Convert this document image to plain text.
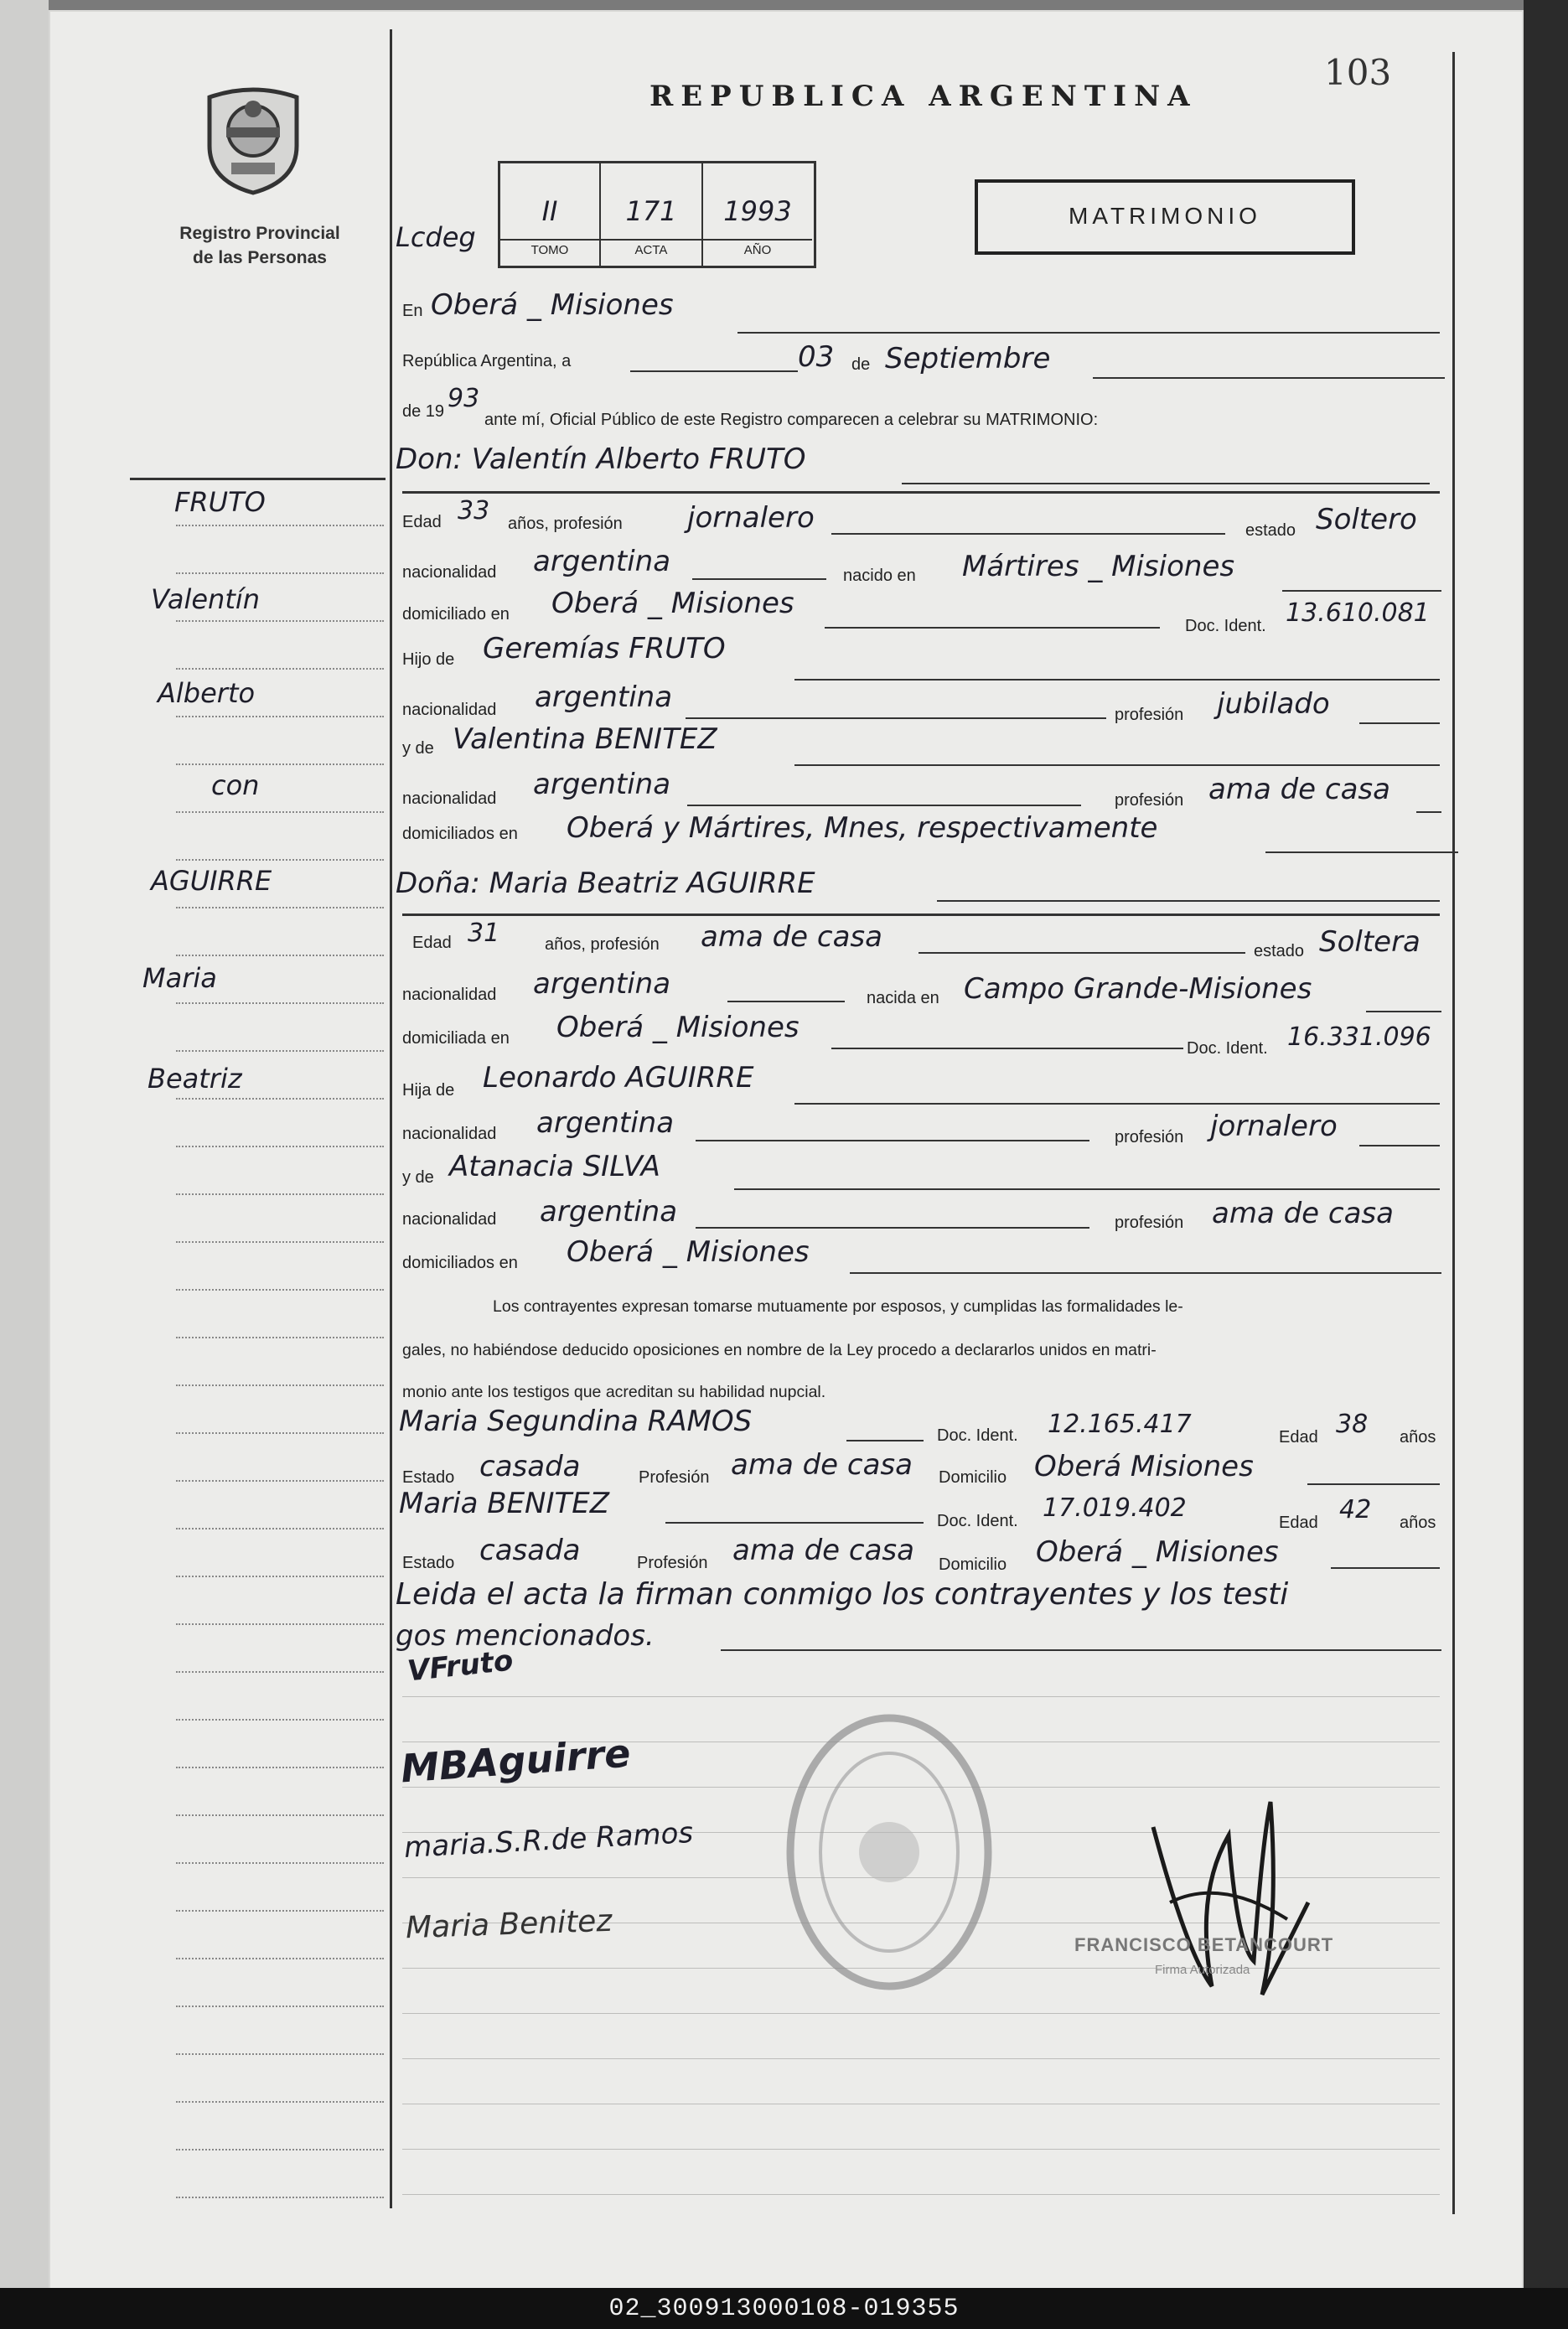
Registro Provincial
de las Personas
REPUBLICA ARGENTINA
103
MATRIMONIO
Lcdeg
II
TOMO
171
ACTA
1993
AÑO
FRUTO
Valentín
Alberto
con
AGUIRRE
Maria
Beatriz
En Oberá _ Misiones
República Argentina, a	03 de Septiembre
de 19 93
ante mí, Oficial Público de este Registro comparecen a celebrar su MATRIMONIO:
Don: Valentín Alberto FRUTO
Edad 33 años, profesión jornalero	estado Soltero
nacionalidad argentina	nacido en Mártires _ Misiones
domiciliado en Oberá _ Misiones
Doc. Ident. 13.610.081
Hijo de Geremías FRUTO
nacionalidad argentina
profesión jubilado
y de Valentina BENITEZ
nacionalidad argentina	profesión ama de casa
domiciliados en Oberá y Mártires, Mnes, respectivamente
Doña: Maria Beatriz AGUIRRE
Edad 31	años, profesión ama de casa	estado Soltera
nacionalidad argentina	nacida en Campo Grande-Misiones
domiciliada en Oberá _ Misiones
Doc. Ident. 16.331.096
Hija de Leonardo AGUIRRE
nacionalidad argentina	profesión jornalero
y de Atanacia SILVA
nacionalidad argentina	profesión ama de casa
domiciliados en Oberá _ Misiones
Los contrayentes expresan tomarse mutuamente por esposos, y cumplidas las formalidades le-
gales, no habiéndose deducido oposiciones en nombre de la Ley procedo a declararlos unidos en matri-
monio ante los testigos que acreditan su habilidad nupcial.
Maria Segundina RAMOS	Doc. Ident. 12.165.417	Edad 38 años
Estado casada	Profesión ama de casa Domicilio Oberá Misiones
Maria BENITEZ
Doc. Ident. 17.019.402	Edad 42 años
Estado casada	Profesión ama de casa Domicilio Oberá _ Misiones
Leida el acta la firman conmigo los contrayentes y los testi
gos mencionados.
VFruto
MBAguirre
maria.S.R.de Ramos
Maria Benitez	FRANCISCO BETANCOURT
Firma Autorizada
02_300913000108-019355
